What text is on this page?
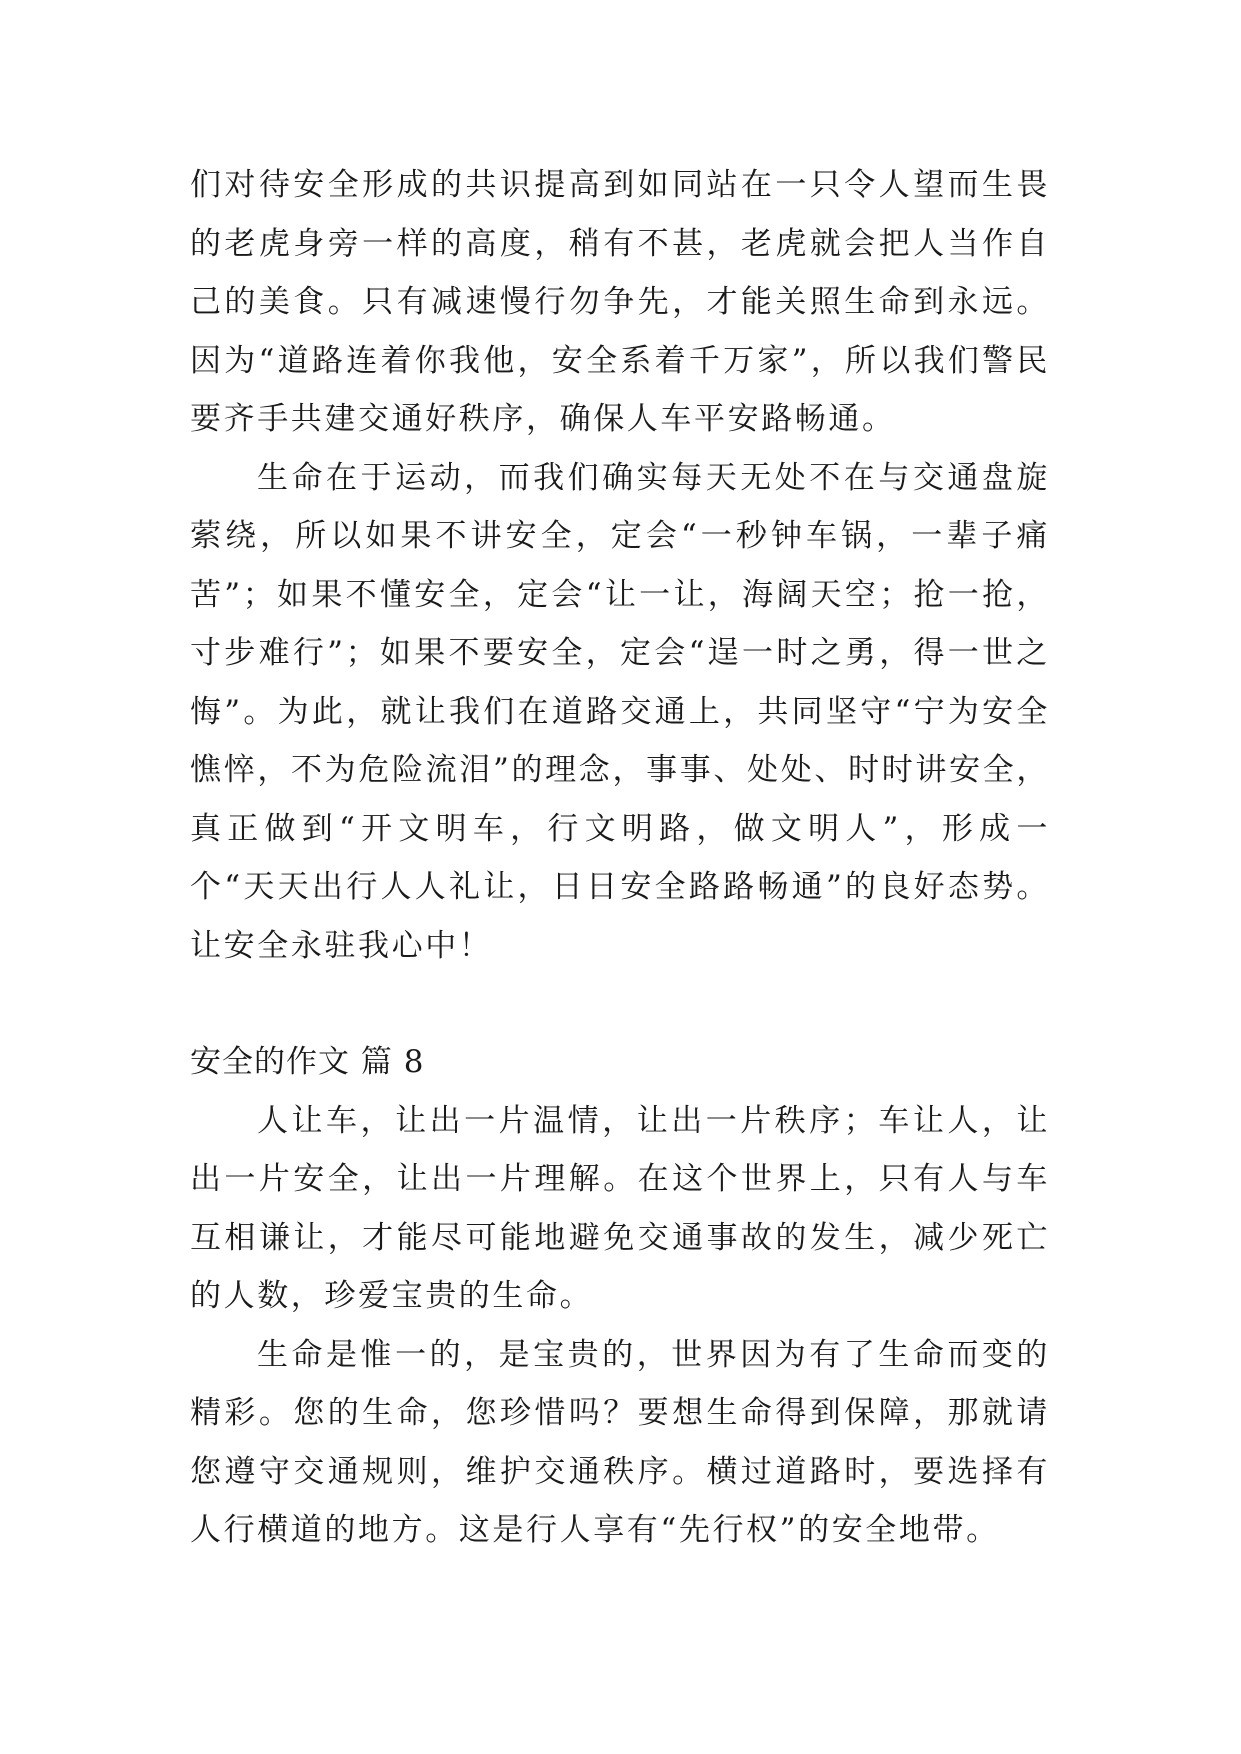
们对待安全形成的共识提高到如同站在一只令人望而生畏的老虎身旁一样的高度，稍有不甚，老虎就会把人当作自己的美食。只有减速慢行勿争先，才能关照生命到永远。因为“道路连着你我他，安全系着千万家”，所以我们警民要齐手共建交通好秩序，确保人车平安路畅通。

生命在于运动，而我们确实每天无处不在与交通盘旋萦绕，所以如果不讲安全，定会“一秒钟车锅，一辈子痛苦”；如果不懂安全，定会“让一让，海阔天空；抢一抢，寸步难行”；如果不要安全，定会“逞一时之勇，得一世之悔”。为此，就让我们在道路交通上，共同坚守“宁为安全憔悴，不为危险流泪”的理念，事事、处处、时时讲安全，真正做到“开文明车，行文明路，做文明人”，形成一个“天天出行人人礼让，日日安全路路畅通”的良好态势。让安全永驻我心中！

安全的作文 篇 8

人让车，让出一片温情，让出一片秩序；车让人，让出一片安全，让出一片理解。在这个世界上，只有人与车互相谦让，才能尽可能地避免交通事故的发生，减少死亡的人数，珍爱宝贵的生命。

生命是惟一的，是宝贵的，世界因为有了生命而变的精彩。您的生命，您珍惜吗？要想生命得到保障，那就请您遵守交通规则，维护交通秩序。横过道路时，要选择有人行横道的地方。这是行人享有“先行权”的安全地带。
